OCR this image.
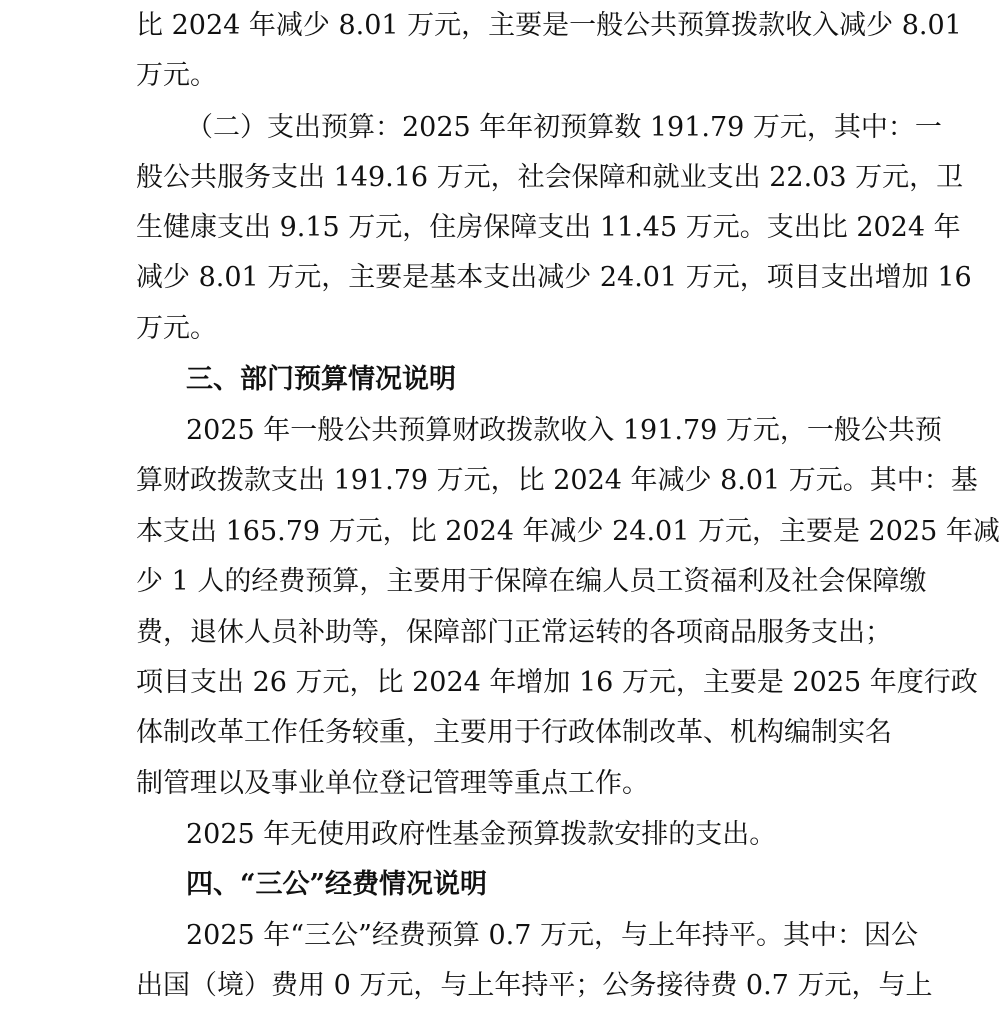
比 2024 年减少 8.01 万元，主要是一般公共预算拨款收入减少 8.01
万元。
（二）支出预算：2025 年年初预算数 191.79 万元，其中：一
般公共服务支出 149.16 万元，社会保障和就业支出 22.03 万元，卫
生健康支出 9.15 万元，住房保障支出 11.45 万元。支出比 2024 年
减少 8.01 万元，主要是基本支出减少 24.01 万元，项目支出增加 16
万元。
三、部门预算情况说明
2025 年一般公共预算财政拨款收入 191.79 万元，一般公共预
算财政拨款支出 191.79 万元，比 2024 年减少 8.01 万元。其中：基
本支出 165.79 万元，比 2024 年减少 24.01 万元，主要是 2025 年减
少 1 人的经费预算，主要用于保障在编人员工资福利及社会保障缴
费，退休人员补助等，保障部门正常运转的各项商品服务支出；
项目支出 26 万元，比 2024 年增加 16 万元，主要是 2025 年度行政
体制改革工作任务较重，主要用于行政体制改革、机构编制实名
制管理以及事业单位登记管理等重点工作。
2025 年无使用政府性基金预算拨款安排的支出。
四、“三公”经费情况说明
2025 年“三公”经费预算 0.7 万元，与上年持平。其中：因公
出国（境）费用 0 万元，与上年持平；公务接待费 0.7 万元，与上
